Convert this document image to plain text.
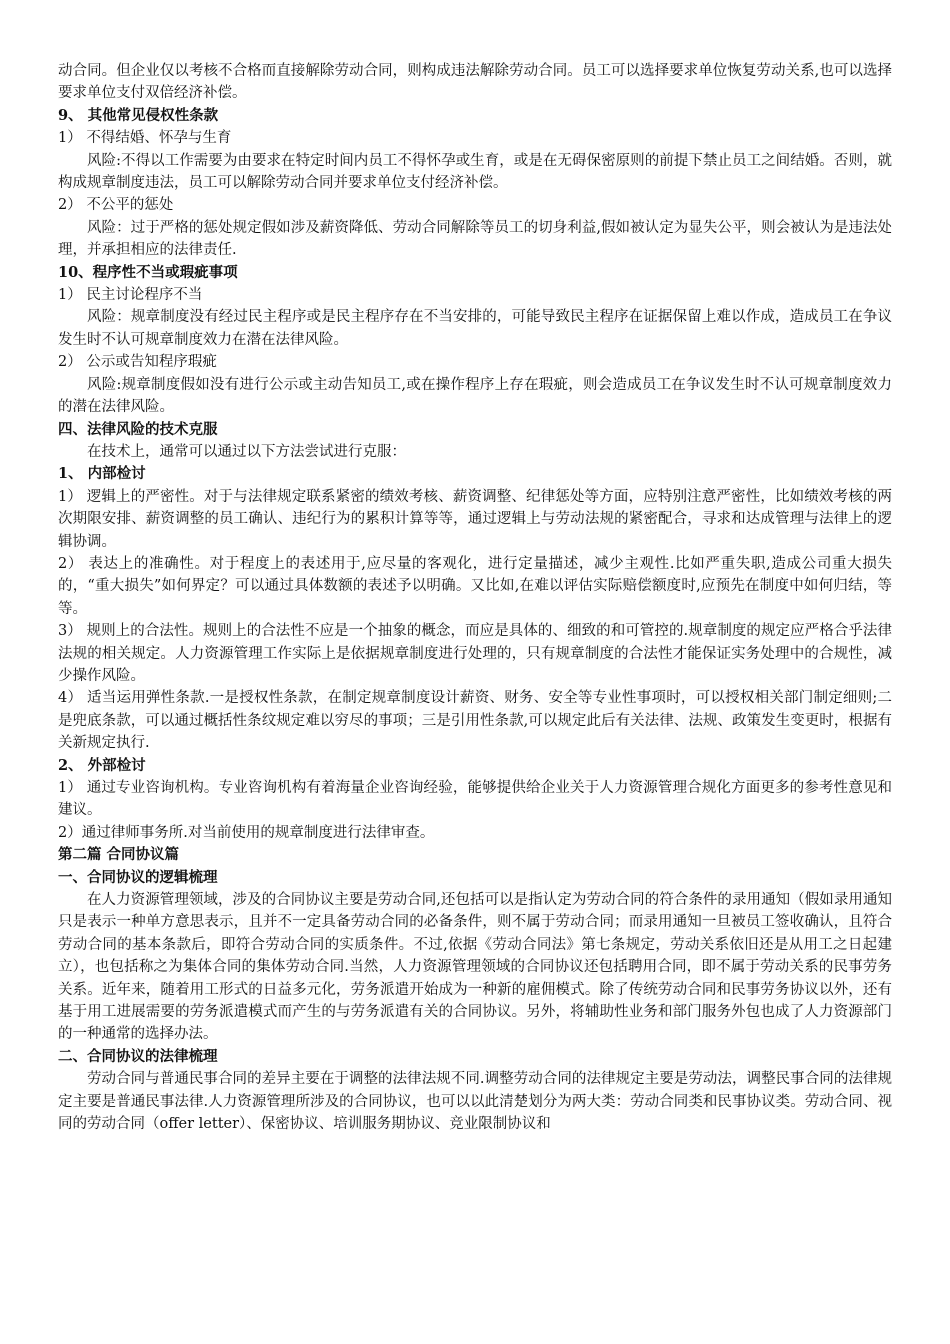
动合同。但企业仅以考核不合格而直接解除劳动合同，则构成违法解除劳动合同。员工可以选择要求单位恢复劳动关系,也可以选择要求单位支付双倍经济补偿。

9、 其他常见侵权性条款

1） 不得结婚、怀孕与生育

风险:不得以工作需要为由要求在特定时间内员工不得怀孕或生育，或是在无碍保密原则的前提下禁止员工之间结婚。否则，就构成规章制度违法，员工可以解除劳动合同并要求单位支付经济补偿。

2） 不公平的惩处

风险：过于严格的惩处规定假如涉及薪资降低、劳动合同解除等员工的切身利益,假如被认定为显失公平，则会被认为是违法处理，并承担相应的法律责任.

10、程序性不当或瑕疵事项

1） 民主讨论程序不当

风险：规章制度没有经过民主程序或是民主程序存在不当安排的，可能导致民主程序在证据保留上难以作成，造成员工在争议发生时不认可规章制度效力在潜在法律风险。

2） 公示或告知程序瑕疵

风险:规章制度假如没有进行公示或主动告知员工,或在操作程序上存在瑕疵，则会造成员工在争议发生时不认可规章制度效力的潜在法律风险。

四、法律风险的技术克服

在技术上，通常可以通过以下方法尝试进行克服：

1、 内部检讨

1） 逻辑上的严密性。对于与法律规定联系紧密的绩效考核、薪资调整、纪律惩处等方面，应特别注意严密性，比如绩效考核的两次期限安排、薪资调整的员工确认、违纪行为的累积计算等等，通过逻辑上与劳动法规的紧密配合，寻求和达成管理与法律上的逻辑协调。

2） 表达上的准确性。对于程度上的表述用于,应尽量的客观化，进行定量描述，减少主观性.比如严重失职,造成公司重大损失的，“重大损失”如何界定？可以通过具体数额的表述予以明确。又比如,在难以评估实际赔偿额度时,应预先在制度中如何归结，等等。

3） 规则上的合法性。规则上的合法性不应是一个抽象的概念，而应是具体的、细致的和可管控的.规章制度的规定应严格合乎法律法规的相关规定。人力资源管理工作实际上是依据规章制度进行处理的，只有规章制度的合法性才能保证实务处理中的合规性，减少操作风险。

4） 适当运用弹性条款.一是授权性条款，在制定规章制度设计薪资、财务、安全等专业性事项时，可以授权相关部门制定细则;二是兜底条款，可以通过概括性条纹规定难以穷尽的事项；三是引用性条款,可以规定此后有关法律、法规、政策发生变更时，根据有关新规定执行.

2、 外部检讨

1） 通过专业咨询机构。专业咨询机构有着海量企业咨询经验，能够提供给企业关于人力资源管理合规化方面更多的参考性意见和建议。

2）通过律师事务所.对当前使用的规章制度进行法律审查。

第二篇 合同协议篇

一、合同协议的逻辑梳理

在人力资源管理领域，涉及的合同协议主要是劳动合同,还包括可以是指认定为劳动合同的符合条件的录用通知（假如录用通知只是表示一种单方意思表示，且并不一定具备劳动合同的必备条件，则不属于劳动合同；而录用通知一旦被员工签收确认，且符合劳动合同的基本条款后，即符合劳动合同的实质条件。不过,依据《劳动合同法》第七条规定，劳动关系依旧还是从用工之日起建立），也包括称之为集体合同的集体劳动合同.当然，人力资源管理领域的合同协议还包括聘用合同，即不属于劳动关系的民事劳务关系。近年来，随着用工形式的日益多元化，劳务派遣开始成为一种新的雇佣模式。除了传统劳动合同和民事劳务协议以外，还有基于用工进展需要的劳务派遣模式而产生的与劳务派遣有关的合同协议。另外，将辅助性业务和部门服务外包也成了人力资源部门的一种通常的选择办法。

二、合同协议的法律梳理

劳动合同与普通民事合同的差异主要在于调整的法律法规不同.调整劳动合同的法律规定主要是劳动法，调整民事合同的法律规定主要是普通民事法律.人力资源管理所涉及的合同协议，也可以以此清楚划分为两大类：劳动合同类和民事协议类。劳动合同、视同的劳动合同（offer letter）、保密协议、培训服务期协议、竞业限制协议和
